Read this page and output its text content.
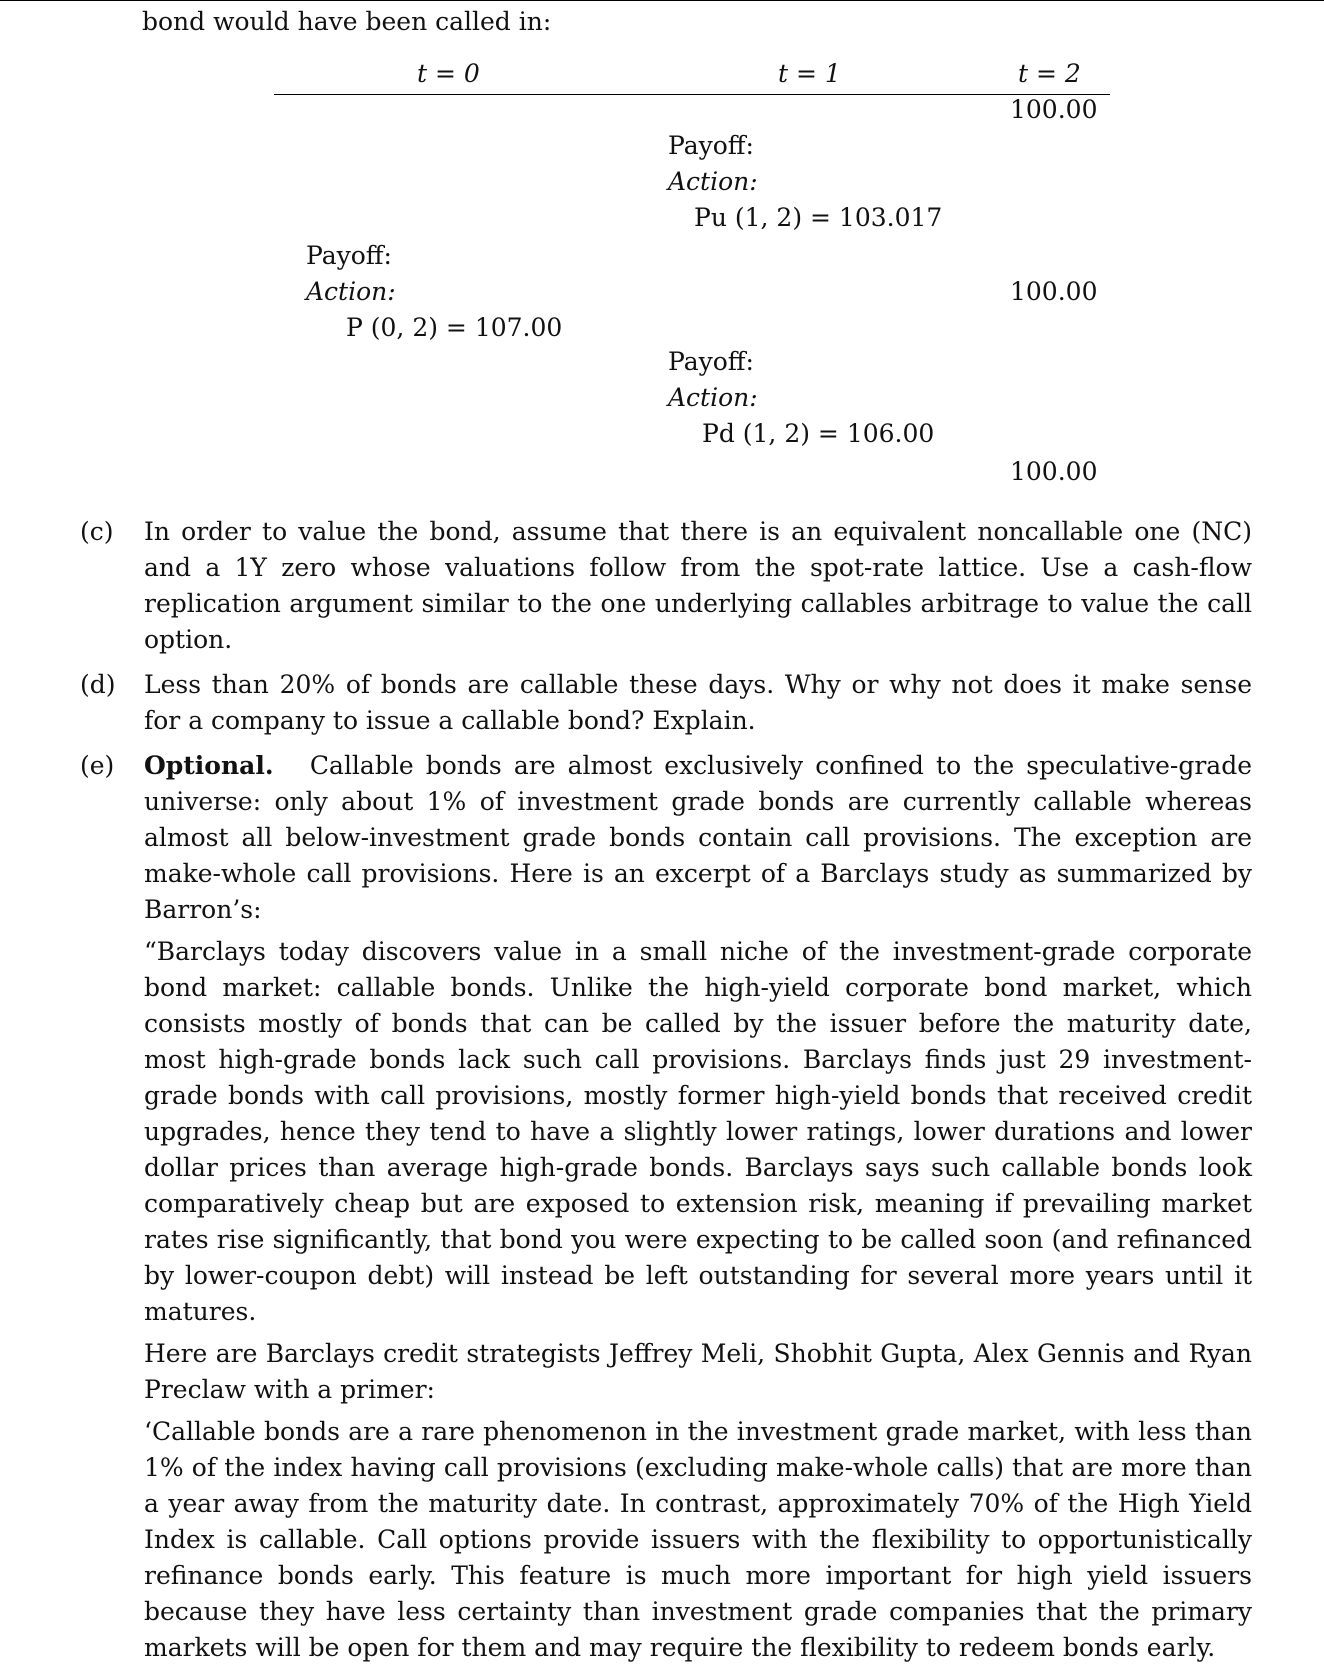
bond would have been called in:
t = 0	t = 1	t = 2
100.00
100.00
100.00
Payoff:
Action:
Pu (1, 2) = 103.017
Payoff:
Action:
P (0, 2) = 107.00
Payoff:
Action:
Pd (1, 2) = 106.00
(c) In order to value the bond, assume that there is an equivalent noncallable one (NC) and a 1Y zero whose valuations follow from the spot-rate lattice. Use a cash-flow replication argument similar to the one underlying callables arbitrage to value the call option.

(d) Less than 20% of bonds are callable these days. Why or why not does it make sense for a company to issue a callable bond? Explain.

(e) Optional. Callable bonds are almost exclusively confined to the speculative-grade universe: only about 1% of investment grade bonds are currently callable whereas almost all below-investment grade bonds contain call provisions. The exception are make-whole call provisions. Here is an excerpt of a Barclays study as summarized by Barron’s:

“Barclays today discovers value in a small niche of the investment-grade corporate bond market: callable bonds. Unlike the high-yield corporate bond market, which consists mostly of bonds that can be called by the issuer before the maturity date, most high-grade bonds lack such call provisions. Barclays finds just 29 investment-grade bonds with call provisions, mostly former high-yield bonds that received credit upgrades, hence they tend to have a slightly lower ratings, lower durations and lower dollar prices than average high-grade bonds. Barclays says such callable bonds look comparatively cheap but are exposed to extension risk, meaning if prevailing market rates rise significantly, that bond you were expecting to be called soon (and refinanced by lower-coupon debt) will instead be left outstanding for several more years until it matures.

Here are Barclays credit strategists Jeffrey Meli, Shobhit Gupta, Alex Gennis and Ryan Preclaw with a primer:

‘Callable bonds are a rare phenomenon in the investment grade market, with less than 1% of the index having call provisions (excluding make-whole calls) that are more than a year away from the maturity date. In contrast, approximately 70% of the High Yield Index is callable. Call options provide issuers with the flexibility to opportunistically refinance bonds early. This feature is much more important for high yield issuers because they have less certainty than investment grade companies that the primary markets will be open for them and may require the flexibility to redeem bonds early.
